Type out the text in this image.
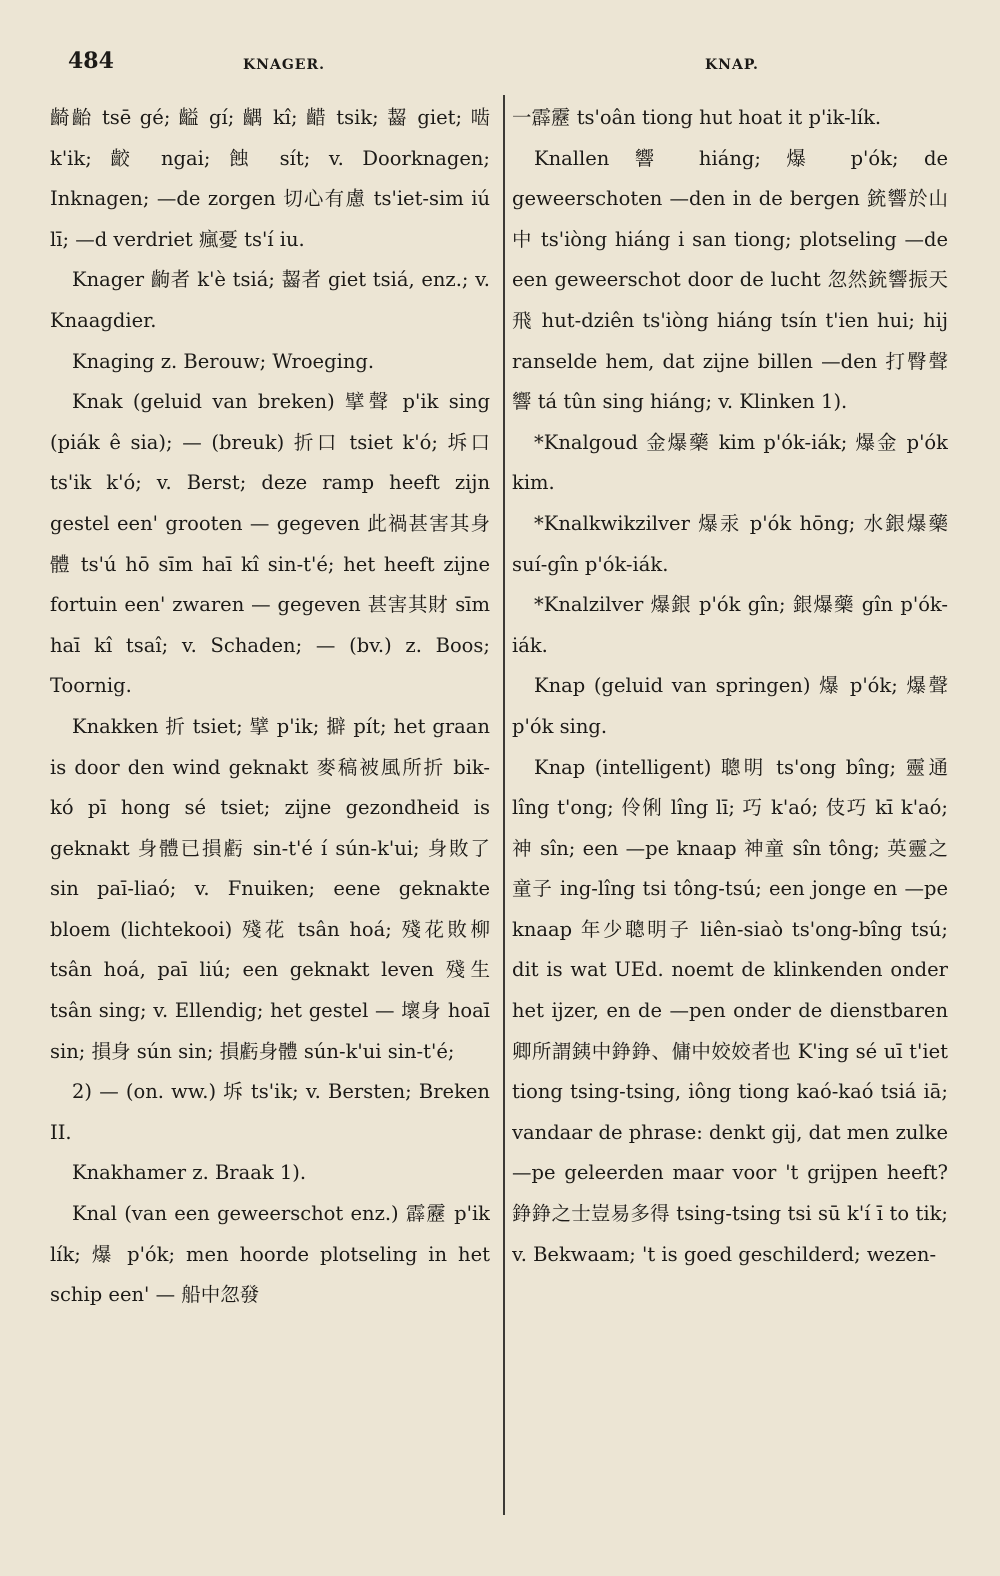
484	KNAGER.	KNAP.

齮齝 tsē gé; 齸 gí; 齵 kî; 齰 tsik; 齧 giet; 啮 k'ik; 齩 ngai; 蝕 sít; v. Doorknagen; Inknagen; —de zorgen 切心有慮 ts'iet-sim iú lī; —d verdriet 瘋憂 ts'í iu.

Knager 齣者 k'è tsiá; 齧者 giet tsiá, enz.; v. Knaagdier.

Knaging z. Berouw; Wroeging.

Knak (geluid van breken) 擘聲 p'ik sing (piák ê sia); — (breuk) 折口 tsiet k'ó; 坼口 ts'ik k'ó; v. Berst; deze ramp heeft zijn gestel een' grooten — gegeven 此禍甚害其身體 ts'ú hō sīm haī kî sin-t'é; het heeft zijne fortuin een' zwaren — gegeven 甚害其財 sīm haī kî tsaî; v. Schaden; — (bv.) z. Boos; Toornig.

Knakken 折 tsiet; 擘 p'ik; 擗 pít; het graan is door den wind geknakt 麥稿被風所折 bik-kó pī hong sé tsiet; zijne gezondheid is geknakt 身體已損虧 sin-t'é í sún-k'ui; 身敗了 sin paī-liaó; v. Fnuiken; eene geknakte bloem (lichtekooi) 殘花 tsân hoá; 殘花敗柳 tsân hoá, paī liú; een geknakt leven 殘生 tsân sing; v. Ellendig; het gestel — 壞身 hoaī sin; 損身 sún sin; 損虧身體 sún-k'ui sin-t'é;

2) — (on. ww.) 坼 ts'ik; v. Bersten; Breken II.

Knakhamer z. Braak 1).

Knal (van een geweerschot enz.) 霹靂 p'ik lík; 爆 p'ók; men hoorde plotseling in het schip een' — 船中忽發

一霹靂 ts'oân tiong hut hoat it p'ik-lík.

Knallen 響 hiáng; 爆 p'ók; de geweerschoten —den in de bergen 銃響於山中 ts'iòng hiáng i san tiong; plotseling —de een geweerschot door de lucht 忽然銃響振天飛 hut-dziên ts'iòng hiáng tsín t'ien hui; hij ranselde hem, dat zijne billen —den 打臀聲響 tá tûn sing hiáng; v. Klinken 1).

*Knalgoud 金爆藥 kim p'ók-iák; 爆金 p'ók kim.

*Knalkwikzilver 爆汞 p'ók hōng; 水銀爆藥 suí-gîn p'ók-iák.

*Knalzilver 爆銀 p'ók gîn; 銀爆藥 gîn p'ók-iák.

Knap (geluid van springen) 爆 p'ók; 爆聲 p'ók sing.

Knap (intelligent) 聰明 ts'ong bîng; 靈通 lîng t'ong; 伶俐 lîng lī; 巧 k'aó; 伎巧 kī k'aó; 神 sîn; een —pe knaap 神童 sîn tông; 英靈之童子 ing-lîng tsi tông-tsú; een jonge en —pe knaap 年少聰明子 liên-siaò ts'ong-bîng tsú; dit is wat UEd. noemt de klinkenden onder het ijzer, en de —pen onder de dienstbaren 卿所謂銕中錚錚、傭中姣姣者也 K'ing sé uī t'iet tiong tsing-tsing, iông tiong kaó-kaó tsiá iā; vandaar de phrase: denkt gij, dat men zulke —pe geleerden maar voor 't grijpen heeft? 錚錚之士豈易多得 tsing-tsing tsi sū k'í ī to tik; v. Bekwaam; 't is goed geschilderd; wezen-
